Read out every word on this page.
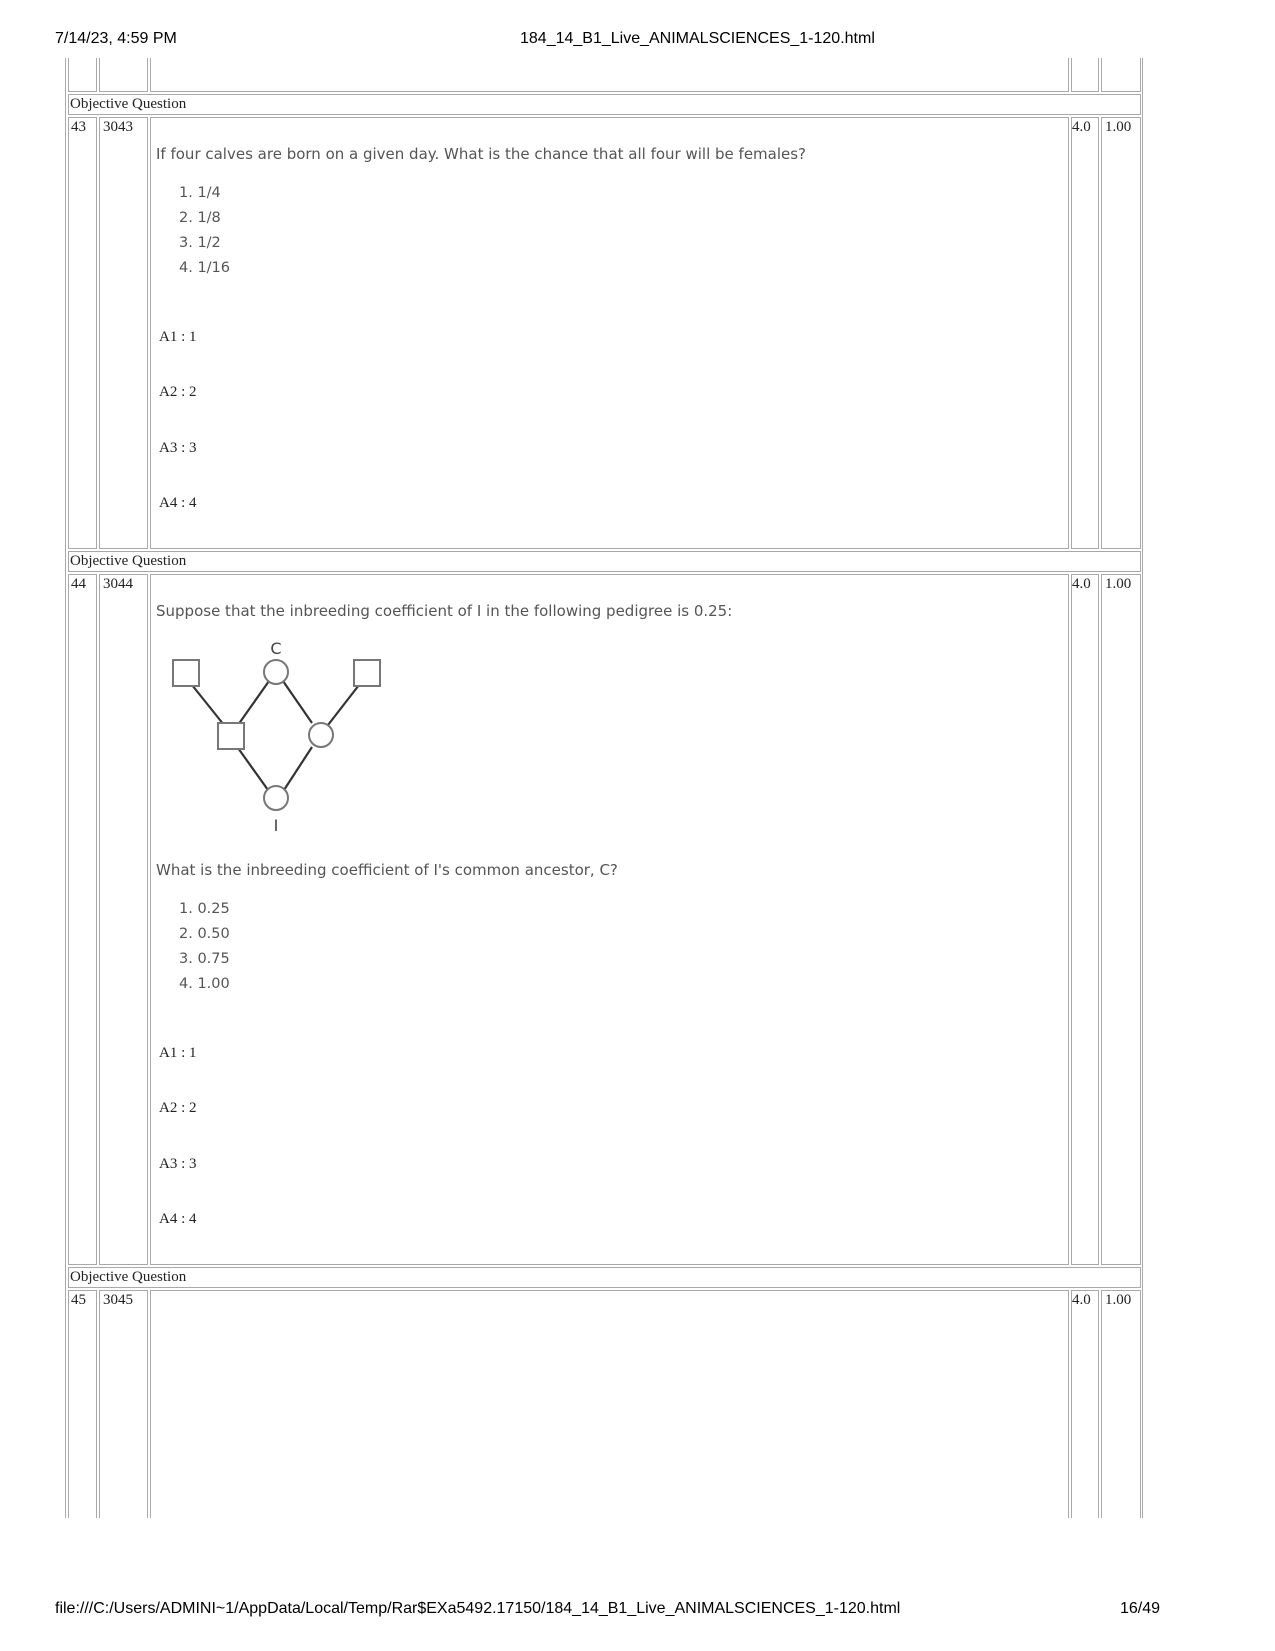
7/14/23, 4:59 PM	184_14_B1_Live_ANIMALSCIENCES_1-120.html
Objective Question
43 3043
If four calves are born on a given day. What is the chance that all four will be females?
1. 1/4
2. 1/8
3. 1/2
4. 1/16
A1 : 1
A2 : 2
A3 : 3
A4 : 4
4.0 1.00
Objective Question
44 3044
Suppose that the inbreeding coefficient of I in the following pedigree is 0.25:
C
I
What is the inbreeding coefficient of I's common ancestor, C?
1. 0.25
2. 0.50
3. 0.75
4. 1.00
A1 : 1
A2 : 2
A3 : 3
A4 : 4
4.0 1.00
Objective Question
45 3045	4.0 1.00
file:///C:/Users/ADMINI~1/AppData/Local/Temp/Rar$EXa5492.17150/184_14_B1_Live_ANIMALSCIENCES_1-120.html	16/49
